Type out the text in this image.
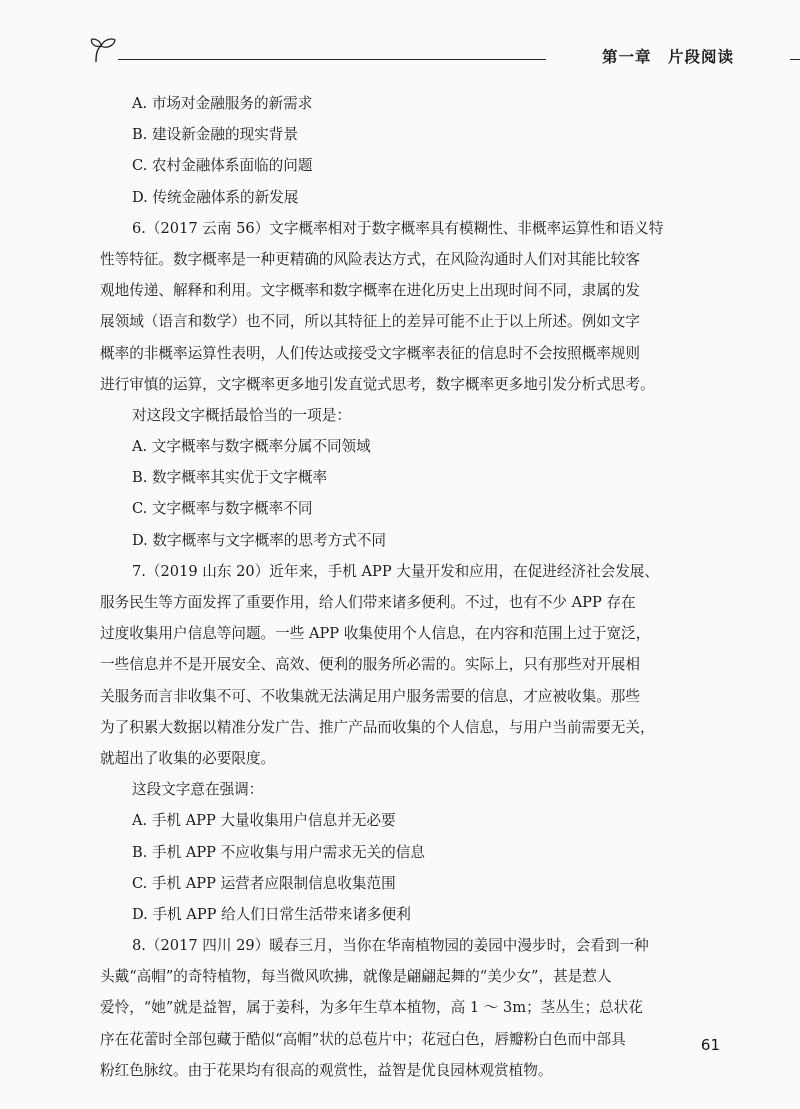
第一章　片段阅读
A. 市场对金融服务的新需求
B. 建设新金融的现实背景
C. 农村金融体系面临的问题
D. 传统金融体系的新发展
6.（2017 云南 56）文字概率相对于数字概率具有模糊性、非概率运算性和语义特
性等特征。数字概率是一种更精确的风险表达方式，在风险沟通时人们对其能比较客
观地传递、解释和利用。文字概率和数字概率在进化历史上出现时间不同，隶属的发
展领域（语言和数学）也不同，所以其特征上的差异可能不止于以上所述。例如文字
概率的非概率运算性表明，人们传达或接受文字概率表征的信息时不会按照概率规则
进行审慎的运算，文字概率更多地引发直觉式思考，数字概率更多地引发分析式思考。
对这段文字概括最恰当的一项是：
A. 文字概率与数字概率分属不同领域
B. 数字概率其实优于文字概率
C. 文字概率与数字概率不同
D. 数字概率与文字概率的思考方式不同
7.（2019 山东 20）近年来，手机 APP 大量开发和应用，在促进经济社会发展、
服务民生等方面发挥了重要作用，给人们带来诸多便利。不过，也有不少 APP 存在
过度收集用户信息等问题。一些 APP 收集使用个人信息，在内容和范围上过于宽泛，
一些信息并不是开展安全、高效、便利的服务所必需的。实际上，只有那些对开展相
关服务而言非收集不可、不收集就无法满足用户服务需要的信息，才应被收集。那些
为了积累大数据以精准分发广告、推广产品而收集的个人信息，与用户当前需要无关，
就超出了收集的必要限度。
这段文字意在强调：
A. 手机 APP 大量收集用户信息并无必要
B. 手机 APP 不应收集与用户需求无关的信息
C. 手机 APP 运营者应限制信息收集范围
D. 手机 APP 给人们日常生活带来诸多便利
8.（2017 四川 29）暖春三月，当你在华南植物园的姜园中漫步时，会看到一种
头戴“高帽”的奇特植物，每当微风吹拂，就像是翩翩起舞的“美少女”，甚是惹人
爱怜，“她”就是益智，属于姜科，为多年生草本植物，高 1 ～ 3m；茎丛生；总状花
序在花蕾时全部包藏于酷似“高帽”状的总苞片中；花冠白色，唇瓣粉白色而中部具
粉红色脉纹。由于花果均有很高的观赏性，益智是优良园林观赏植物。
61
